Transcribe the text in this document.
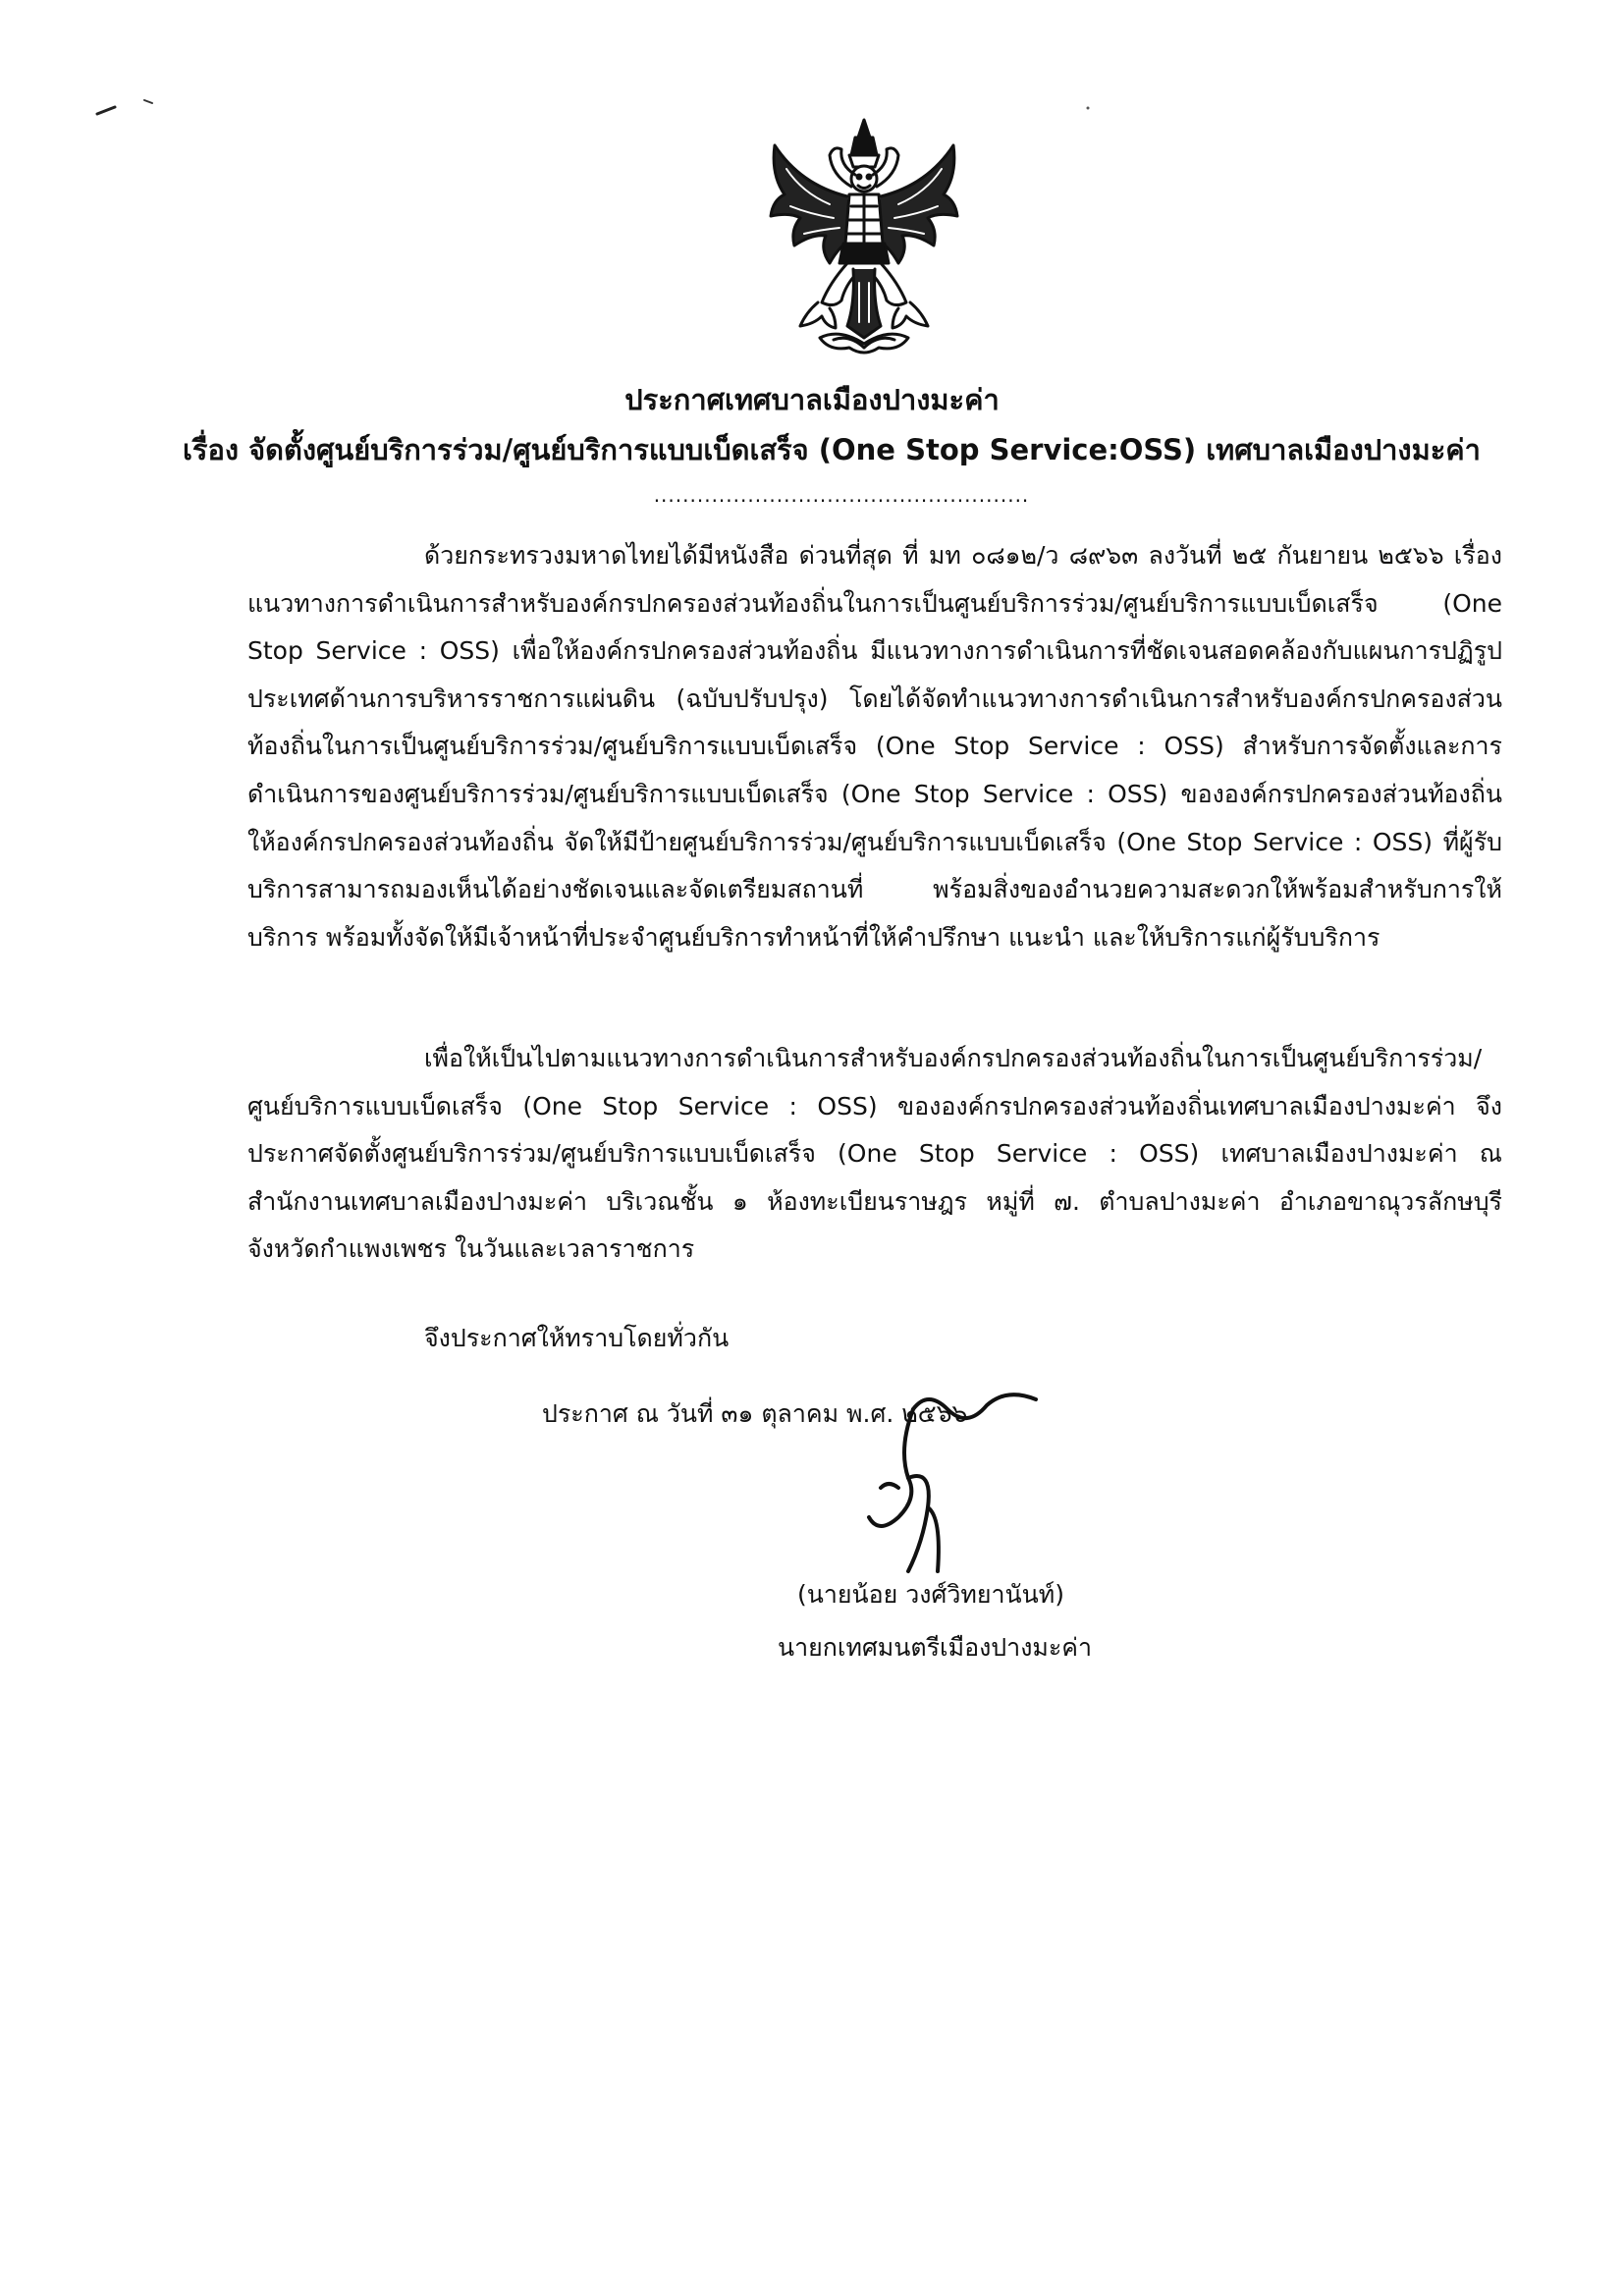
ประกาศเทศบาลเมืองปางมะค่า
เรื่อง จัดตั้งศูนย์บริการร่วม/ศูนย์บริการแบบเบ็ดเสร็จ (One Stop Service:OSS) เทศบาลเมืองปางมะค่า
....................................................
ด้วยกระทรวงมหาดไทยได้มีหนังสือ ด่วนที่สุด ที่ มท ๐๘๑๒/ว ๘๙๖๓ ลงวันที่ ๒๕ กันยายน ๒๕๖๖ เรื่อง แนวทางการดำเนินการสำหรับองค์กรปกครองส่วนท้องถิ่นในการเป็นศูนย์บริการร่วม/ศูนย์บริการแบบเบ็ดเสร็จ (One Stop Service : OSS) เพื่อให้องค์กรปกครองส่วนท้องถิ่น มีแนวทางการดำเนินการที่ชัดเจนสอดคล้องกับแผนการปฏิรูปประเทศด้านการบริหารราชการแผ่นดิน (ฉบับปรับปรุง) โดยได้จัดทำแนวทางการดำเนินการสำหรับองค์กรปกครองส่วนท้องถิ่นในการเป็นศูนย์บริการร่วม/ศูนย์บริการแบบเบ็ดเสร็จ (One Stop Service : OSS) สำหรับการจัดตั้งและการดำเนินการของศูนย์บริการร่วม/ศูนย์บริการแบบเบ็ดเสร็จ (One Stop Service : OSS) ขององค์กรปกครองส่วนท้องถิ่น ให้องค์กรปกครองส่วนท้องถิ่น จัดให้มีป้ายศูนย์บริการร่วม/ศูนย์บริการแบบเบ็ดเสร็จ (One Stop Service : OSS) ที่ผู้รับบริการสามารถมองเห็นได้อย่างชัดเจนและจัดเตรียมสถานที่ พร้อมสิ่งของอำนวยความสะดวกให้พร้อมสำหรับการให้บริการ พร้อมทั้งจัดให้มีเจ้าหน้าที่ประจำศูนย์บริการทำหน้าที่ให้คำปรึกษา แนะนำ และให้บริการแก่ผู้รับบริการ
เพื่อให้เป็นไปตามแนวทางการดำเนินการสำหรับองค์กรปกครองส่วนท้องถิ่นในการเป็นศูนย์บริการร่วม/ศูนย์บริการแบบเบ็ดเสร็จ (One Stop Service : OSS) ขององค์กรปกครองส่วนท้องถิ่นเทศบาลเมืองปางมะค่า จึงประกาศจัดตั้งศูนย์บริการร่วม/ศูนย์บริการแบบเบ็ดเสร็จ (One Stop Service : OSS) เทศบาลเมืองปางมะค่า ณ สำนักงานเทศบาลเมืองปางมะค่า บริเวณชั้น ๑ ห้องทะเบียนราษฎร หมู่ที่ ๗. ตำบลปางมะค่า อำเภอขาณุวรลักษบุรี จังหวัดกำแพงเพชร ในวันและเวลาราชการ
จึงประกาศให้ทราบโดยทั่วกัน
ประกาศ ณ วันที่ ๓๑ ตุลาคม พ.ศ. ๒๕๖๖
(นายน้อย วงศ์วิทยานันท์)
นายกเทศมนตรีเมืองปางมะค่า
